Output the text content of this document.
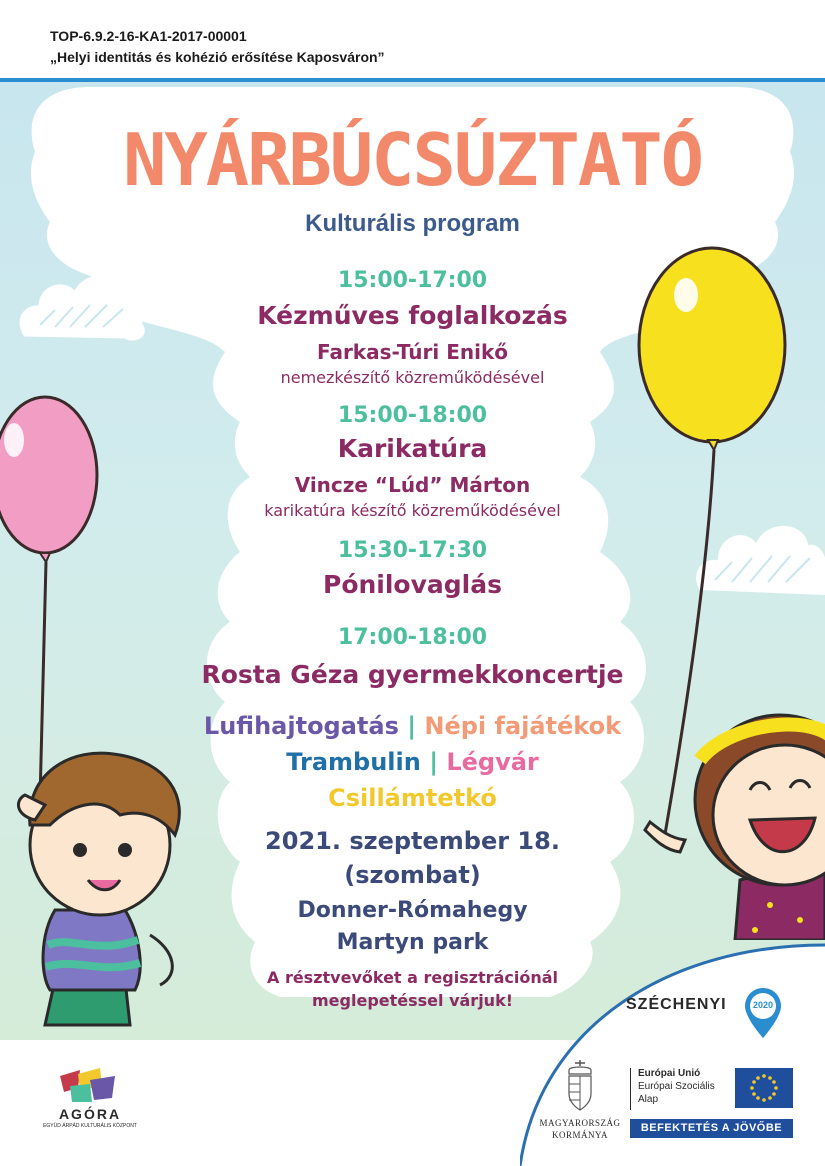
TOP-6.9.2-16-KA1-2017-00001
„Helyi identitás és kohézió erősítése Kaposváron”
NYÁRBÚCSÚZTATÓ
Kulturális program
15:00-17:00
Kézműves foglalkozás
Farkas-Túri Enikő
nemezkészítő közreműködésével
15:00-18:00
Karikatúra
Vincze “Lúd” Márton
karikatúra készítő közreműködésével
15:30-17:30
Pónilovaglás
17:00-18:00
Rosta Géza gyermekkoncertje
Lufihajtogatás | Népi fajátékok
Trambulin | Légvár
Csillámtetkó
2021. szeptember 18.
(szombat)
Donner-Rómahegy
Martyn park
A résztvevőket a regisztrációnál
meglepetéssel várjuk!
AGÓRA
EGYÜD ÁRPÁD KULTURÁLIS KÖZPONT
SZÉCHENYI	2020
MAGYARORSZÁG
KORMÁNYA
Európai Unió
Európai Szociális
Alap
BEFEKTETÉS A JÖVŐBE
